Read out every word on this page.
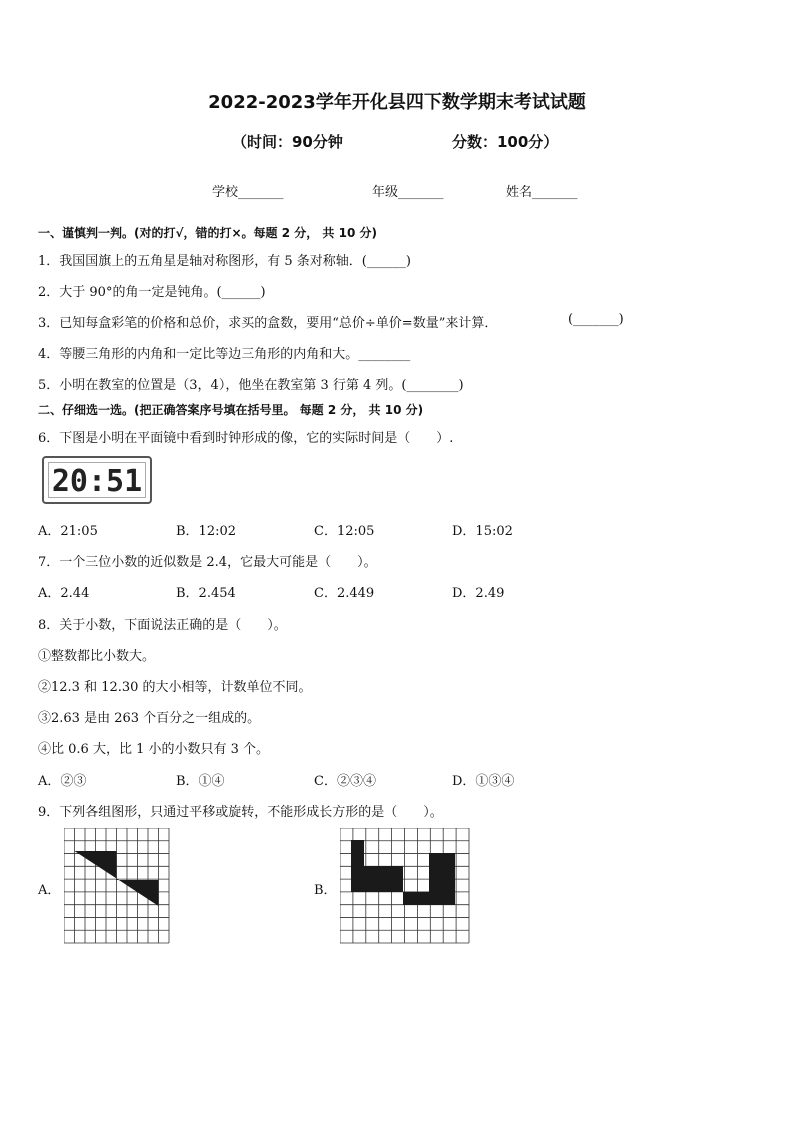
2022-2023学年开化县四下数学期末考试试题
（时间：90分钟	分数：100分）
学校_______	年级_______	姓名_______
一、谨慎判一判。(对的打√，错的打×。每题 2 分， 共 10 分)
1．我国国旗上的五角星是轴对称图形，有 5 条对称轴．(______)
2．大于 90°的角一定是钝角。(______)
3．已知每盒彩笔的价格和总价，求买的盒数，要用“总价÷单价=数量”来计算．	(_______)
4．等腰三角形的内角和一定比等边三角形的内角和大。________
5．小明在教室的位置是（3，4），他坐在教室第 3 行第 4 列。(________)
二、仔细选一选。(把正确答案序号填在括号里。 每题 2 分， 共 10 分)
6．下图是小明在平面镜中看到时钟形成的像，它的实际时间是（　　）.
20:51
A．21:05	B．12:02	C．12:05	D．15:02
7．一个三位小数的近似数是 2.4，它最大可能是（　　）。
A．2.44	B．2.454	C．2.449	D．2.49
8．关于小数，下面说法正确的是（　　）。
①整数都比小数大。
②12.3 和 12.30 的大小相等，计数单位不同。
③2.63 是由 263 个百分之一组成的。
④比 0.6 大，比 1 小的小数只有 3 个。
A．②③	B．①④	C．②③④	D．①③④
9．下列各组图形，只通过平移或旋转，不能形成长方形的是（　　）。
A．	B．
